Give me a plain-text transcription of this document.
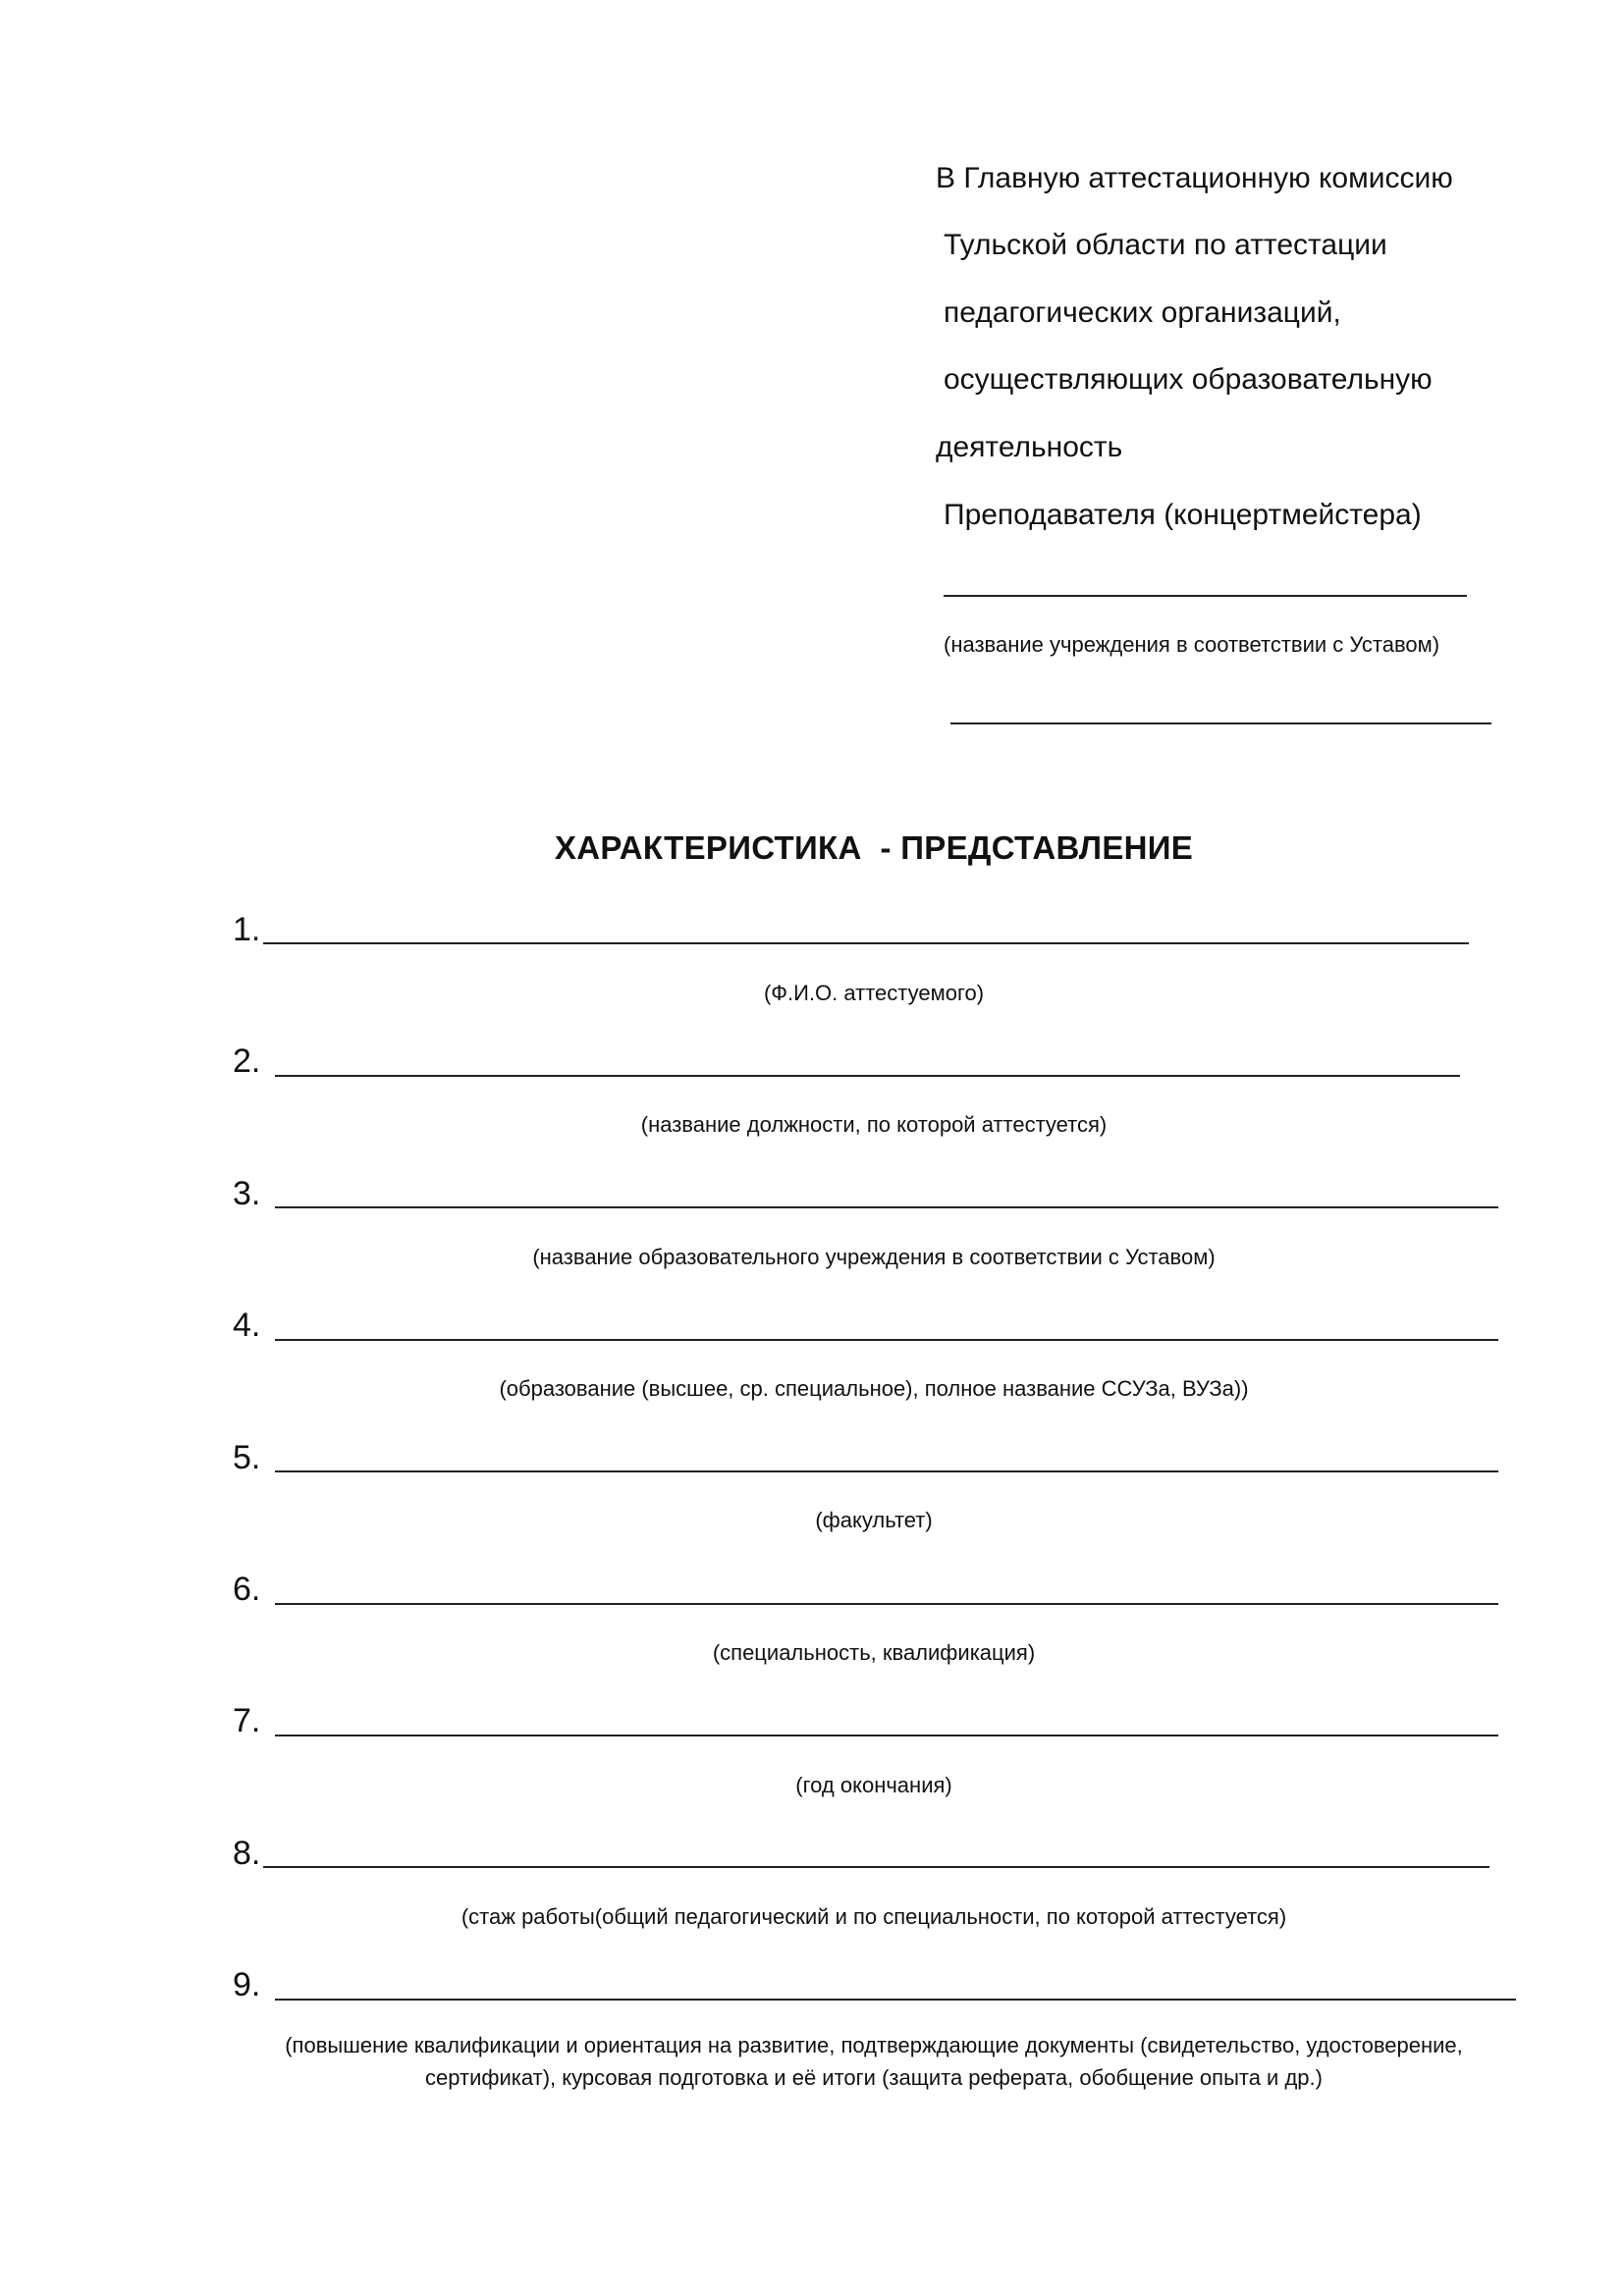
В Главную аттестационную комиссию
Тульской области по аттестации
педагогических организаций,
осуществляющих образовательную
деятельность
Преподавателя (концертмейстера)
(название учреждения в соответствии с Уставом)
ХАРАКТЕРИСТИКА  - ПРЕДСТАВЛЕНИЕ
1.
(Ф.И.О. аттестуемого)
2.
(название должности, по которой аттестуется)
3.
(название образовательного учреждения в соответствии с Уставом)
4.
(образование (высшее, ср. специальное), полное название ССУЗа, ВУЗа))
5.
(факультет)
6.
(специальность, квалификация)
7.
(год окончания)
8.
(стаж работы(общий педагогический и по специальности, по которой аттестуется)
9.
(повышение квалификации и ориентация на развитие, подтверждающие документы (свидетельство, удостоверение, сертификат), курсовая подготовка и её итоги (защита реферата, обобщение опыта и др.)
